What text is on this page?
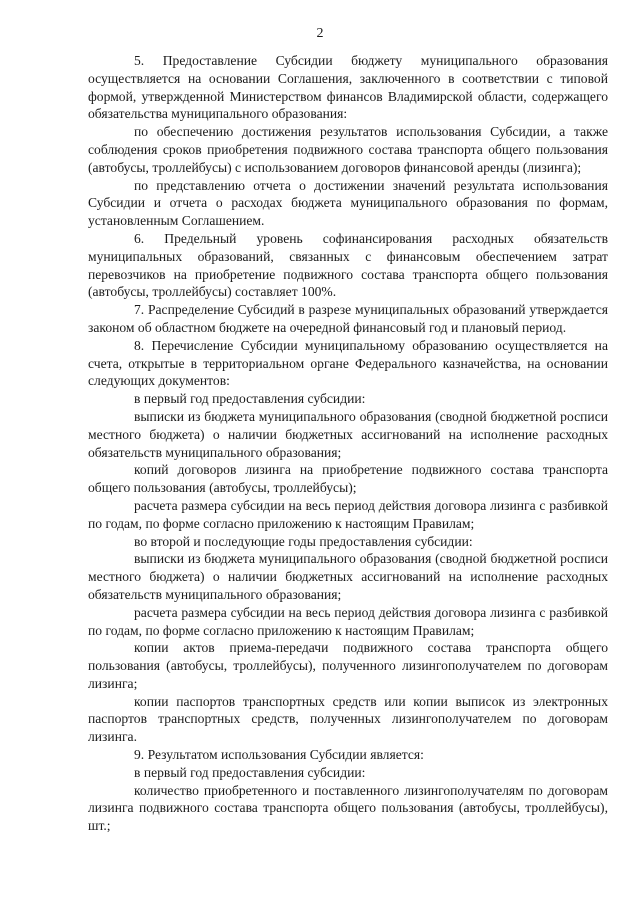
2

5. Предоставление Субсидии бюджету муниципального образования осуществляется на основании Соглашения, заключенного в соответствии с типовой формой, утвержденной Министерством финансов Владимирской области, содержащего обязательства муниципального образования:

по обеспечению достижения результатов использования Субсидии, а также соблюдения сроков приобретения подвижного состава транспорта общего пользования (автобусы, троллейбусы) с использованием договоров финансовой аренды (лизинга);

по представлению отчета о достижении значений результата использования Субсидии и отчета о расходах бюджета муниципального образования по формам, установленным Соглашением.

6. Предельный уровень софинансирования расходных обязательств муниципальных образований, связанных с финансовым обеспечением затрат перевозчиков на приобретение подвижного состава транспорта общего пользования (автобусы, троллейбусы) составляет 100%.

7. Распределение Субсидий в разрезе муниципальных образований утверждается законом об областном бюджете на очередной финансовый год и плановый период.

8. Перечисление Субсидии муниципальному образованию осуществляется на счета, открытые в территориальном органе Федерального казначейства, на основании следующих документов:

в первый год предоставления субсидии:

выписки из бюджета муниципального образования (сводной бюджетной росписи местного бюджета) о наличии бюджетных ассигнований на исполнение расходных обязательств муниципального образования;

копий договоров лизинга на приобретение подвижного состава транспорта общего пользования (автобусы, троллейбусы);

расчета размера субсидии на весь период действия договора лизинга с разбивкой по годам, по форме согласно приложению к настоящим Правилам;

во второй и последующие годы предоставления субсидии:

выписки из бюджета муниципального образования (сводной бюджетной росписи местного бюджета) о наличии бюджетных ассигнований на исполнение расходных обязательств муниципального образования;

расчета размера субсидии на весь период действия договора лизинга с разбивкой по годам, по форме согласно приложению к настоящим Правилам;

копии актов приема-передачи подвижного состава транспорта общего пользования (автобусы, троллейбусы), полученного лизингополучателем по договорам лизинга;

копии паспортов транспортных средств или копии выписок из электронных паспортов транспортных средств, полученных лизингополучателем по договорам лизинга.

9. Результатом использования Субсидии является:

в первый год предоставления субсидии:

количество приобретенного и поставленного лизингополучателям по договорам лизинга подвижного состава транспорта общего пользования (автобусы, троллейбусы), шт.;
